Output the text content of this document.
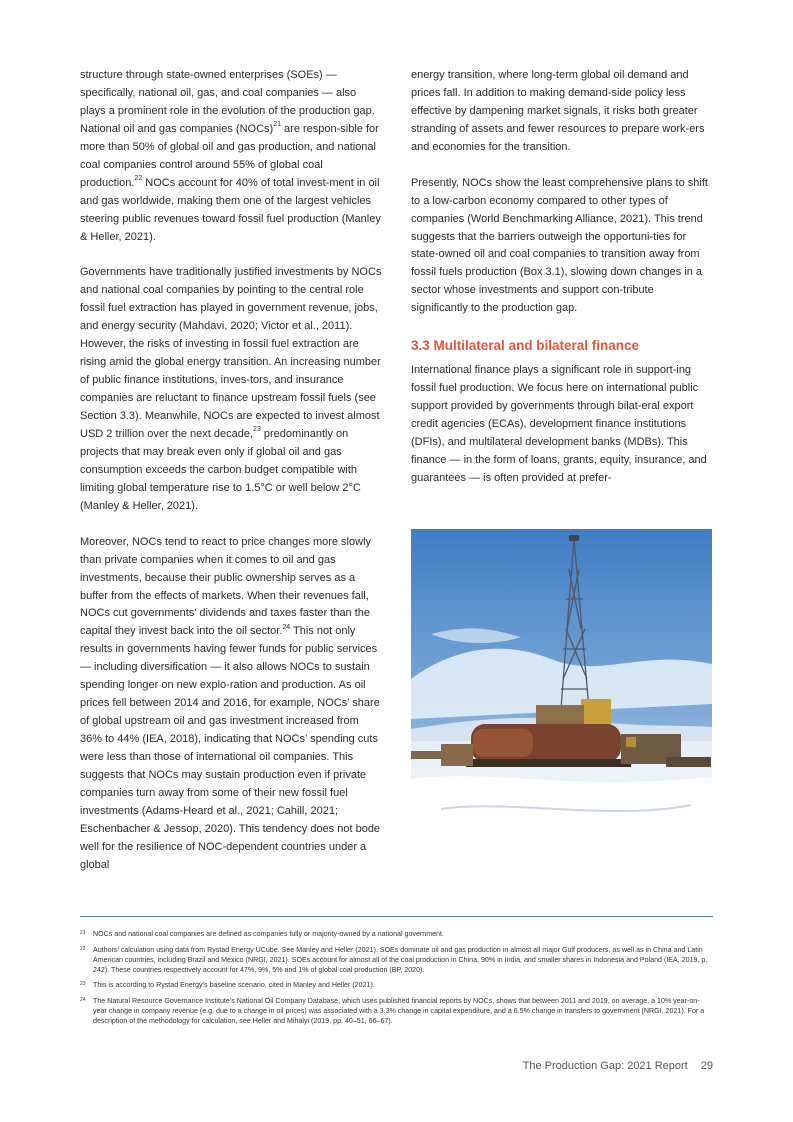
structure through state-owned enterprises (SOEs) — specifically, national oil, gas, and coal companies — also plays a prominent role in the evolution of the production gap. National oil and gas companies (NOCs)$^{21}$ are respon-sible for more than 50% of global oil and gas production, and national coal companies control around 55% of global coal production.$^{22}$ NOCs account for 40% of total invest-ment in oil and gas worldwide, making them one of the largest vehicles steering public revenues toward fossil fuel production (Manley & Heller, 2021).

Governments have traditionally justified investments by NOCs and national coal companies by pointing to the central role fossil fuel extraction has played in government revenue, jobs, and energy security (Mahdavi, 2020; Victor et al., 2011). However, the risks of investing in fossil fuel extraction are rising amid the global energy transition. An increasing number of public finance institutions, inves-tors, and insurance companies are reluctant to finance upstream fossil fuels (see Section 3.3). Meanwhile, NOCs are expected to invest almost USD 2 trillion over the next decade,$^{23}$ predominantly on projects that may break even only if global oil and gas consumption exceeds the carbon budget compatible with limiting global temperature rise to 1.5°C or well below 2°C (Manley & Heller, 2021).

Moreover, NOCs tend to react to price changes more slowly than private companies when it comes to oil and gas investments, because their public ownership serves as a buffer from the effects of markets. When their revenues fall, NOCs cut governments’ dividends and taxes faster than the capital they invest back into the oil sector.$^{24}$ This not only results in governments having fewer funds for public services — including diversification — it also allows NOCs to sustain spending longer on new explo-ration and production. As oil prices fell between 2014 and 2016, for example, NOCs’ share of global upstream oil and gas investment increased from 36% to 44% (IEA, 2018), indicating that NOCs’ spending cuts were less than those of international oil companies. This suggests that NOCs may sustain production even if private companies turn away from some of their new fossil fuel investments (Adams-Heard et al., 2021; Cahill, 2021; Eschenbacher & Jessop, 2020). This tendency does not bode well for the resilience of NOC-dependent countries under a global

energy transition, where long-term global oil demand and prices fall. In addition to making demand-side policy less effective by dampening market signals, it risks both greater stranding of assets and fewer resources to prepare work-ers and economies for the transition.

Presently, NOCs show the least comprehensive plans to shift to a low-carbon economy compared to other types of companies (World Benchmarking Alliance, 2021). This trend suggests that the barriers outweigh the opportuni-ties for state-owned oil and coal companies to transition away from fossil fuels production (Box 3.1), slowing down changes in a sector whose investments and support con-tribute significantly to the production gap.

3.3 Multilateral and bilateral finance

International finance plays a significant role in support-ing fossil fuel production. We focus here on international public support provided by governments through bilat-eral export credit agencies (ECAs), development finance institutions (DFIs), and multilateral development banks (MDBs). This finance — in the form of loans, grants, equity, insurance, and guarantees — is often provided at prefer-

21 NOCs and national coal companies are defined as companies fully or majority-owned by a national government.
22 Authors’ calculation using data from Rystad Energy UCube. See Manley and Heller (2021). SOEs dominate oil and gas production in almost all major Gulf producers, as well as in China and Latin American countries, including Brazil and Mexico (NRGI, 2021). SOEs account for almost all of the coal production in China, 90% in India, and smaller shares in Indonesia and Poland (IEA, 2019, p. 242). These countries respectively account for 47%, 9%, 5% and 1% of global coal production (BP, 2020).
23 This is according to Rystad Energy’s baseline scenario, cited in Manley and Heller (2021).
24 The Natural Resource Governance Institute’s National Oil Company Database, which uses published financial reports by NOCs, shows that between 2011 and 2019, on average, a 10% year-on-year change in company revenue (e.g. due to a change in oil prices) was associated with a 3.3% change in capital expenditure, and a 6.5% change in transfers to government (NRGI, 2021). For a description of the methodology for calculation, see Heller and Mihalyi (2019, pp. 40–51, 66–67).
The Production Gap: 2021 Report 29
